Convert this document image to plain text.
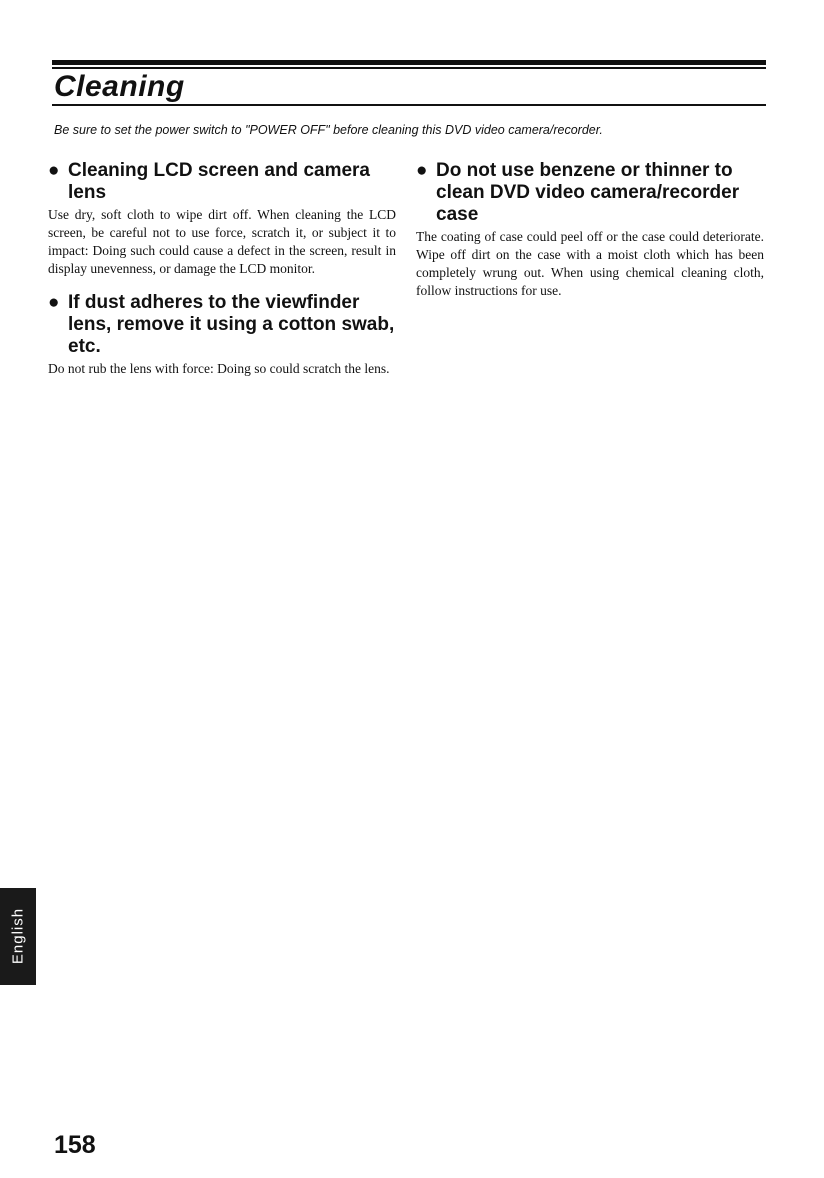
Cleaning

Be sure to set the power switch to "POWER OFF" before cleaning this DVD video camera/recorder.

● Cleaning LCD screen and camera lens

Use dry, soft cloth to wipe dirt off. When cleaning the LCD screen, be careful not to use force, scratch it, or subject it to impact: Doing such could cause a defect in the screen, result in display unevenness, or damage the LCD monitor.

● If dust adheres to the viewfinder lens, remove it using a cotton swab, etc.

Do not rub the lens with force: Doing so could scratch the lens.

● Do not use benzene or thinner to clean DVD video camera/recorder case

The coating of case could peel off or the case could deteriorate. Wipe off dirt on the case with a moist cloth which has been completely wrung out. When using chemical cleaning cloth, follow instructions for use.

English

158
